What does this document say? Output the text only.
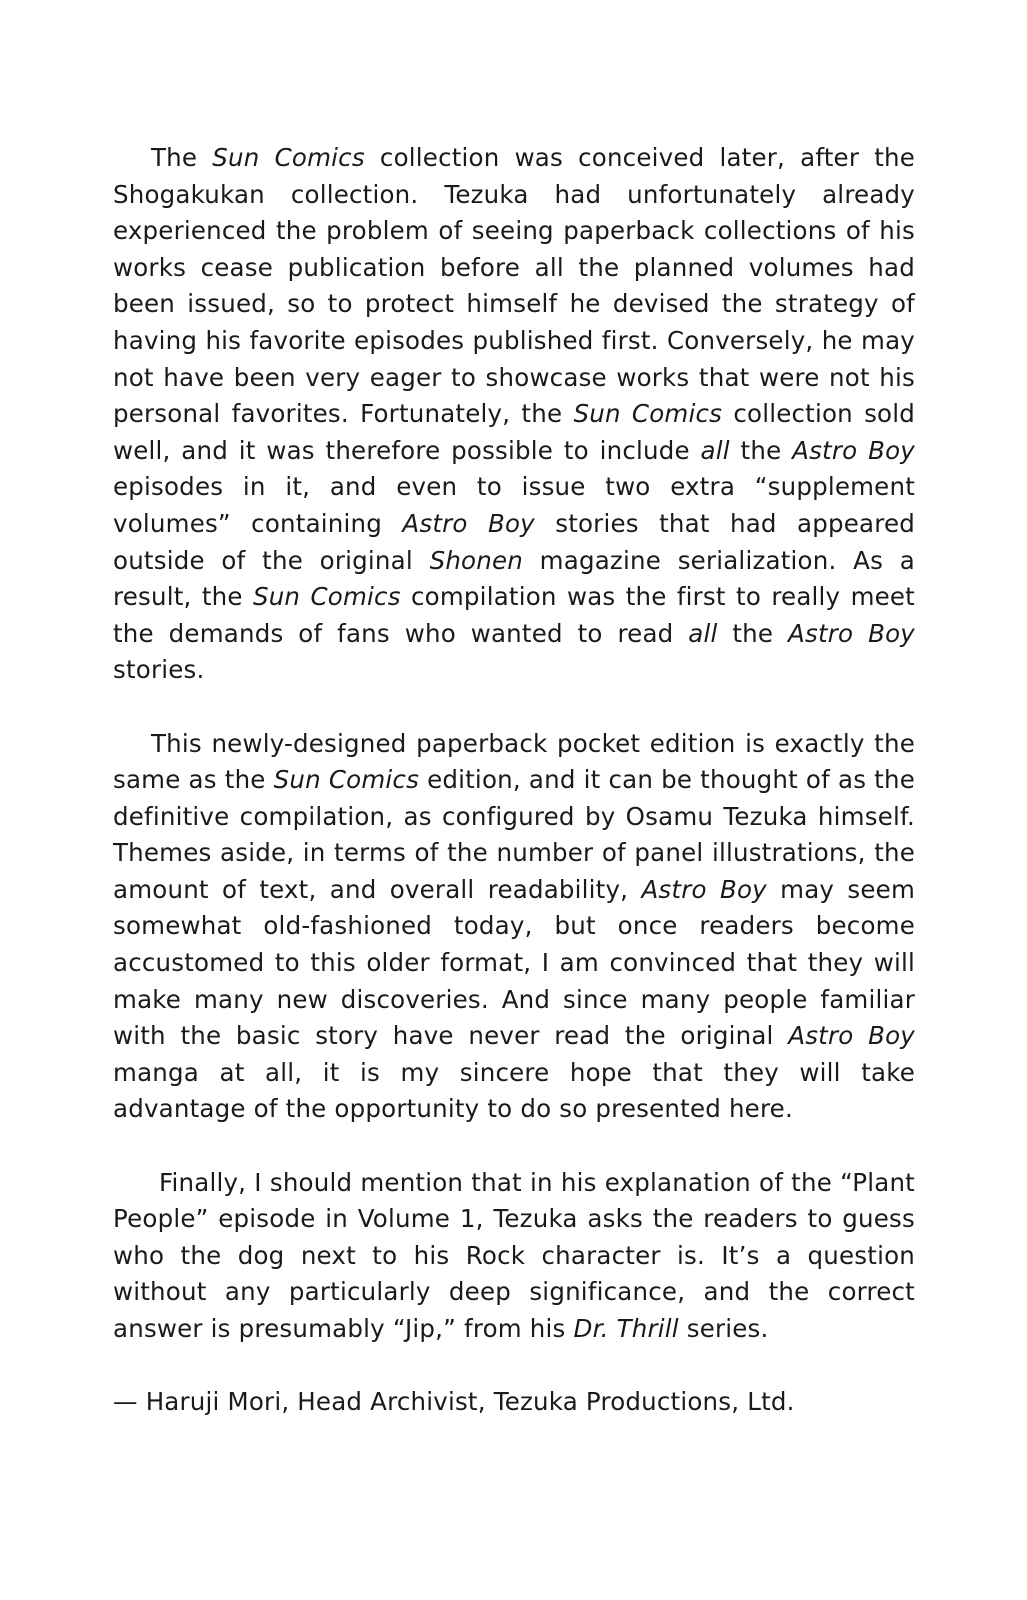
The Sun Comics collection was conceived later, after the Shogakukan collection. Tezuka had unfortunately already experienced the problem of seeing paperback collections of his works cease publication before all the planned volumes had been issued, so to protect himself he devised the strategy of having his favorite episodes published first. Conversely, he may not have been very eager to showcase works that were not his personal favorites. Fortunately, the Sun Comics collection sold well, and it was therefore possible to include all the Astro Boy episodes in it, and even to issue two extra “supplement volumes” containing Astro Boy stories that had appeared outside of the original Shonen magazine serialization. As a result, the Sun Comics compilation was the first to really meet the demands of fans who wanted to read all the Astro Boy stories.

This newly-designed paperback pocket edition is exactly the same as the Sun Comics edition, and it can be thought of as the definitive compilation, as configured by Osamu Tezuka himself. Themes aside, in terms of the number of panel illustrations, the amount of text, and overall readability, Astro Boy may seem somewhat old-fashioned today, but once readers become accustomed to this older format, I am convinced that they will make many new discoveries. And since many people familiar with the basic story have never read the original Astro Boy manga at all, it is my sincere hope that they will take advantage of the opportunity to do so presented here.

Finally, I should mention that in his explanation of the “Plant People” episode in Volume 1, Tezuka asks the readers to guess who the dog next to his Rock character is. It’s a question without any particularly deep significance, and the correct answer is presumably “Jip,” from his Dr. Thrill series.

— Haruji Mori, Head Archivist, Tezuka Productions, Ltd.
